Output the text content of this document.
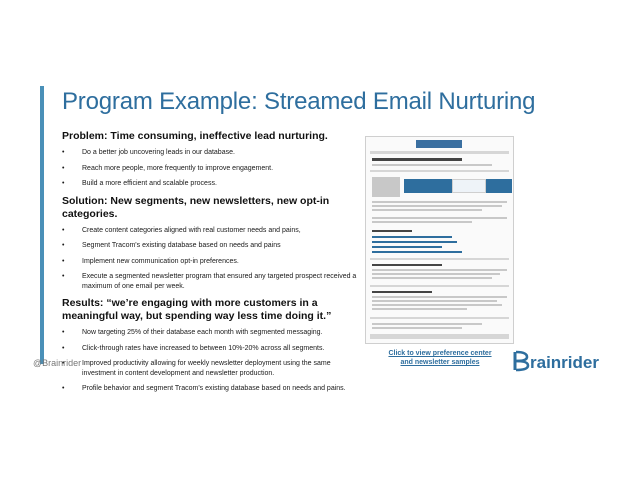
Program Example: Streamed Email Nurturing
Problem: Time consuming, ineffective lead nurturing.
• Do a better job uncovering leads in our database.
• Reach more people, more frequently to improve engagement.
• Build a more efficient and scalable process.
Solution: New segments, new newsletters, new opt-in categories.
• Create content categories aligned with real customer needs and pains,
• Segment Tracom's existing database based on needs and pains
• Implement new communication opt-in preferences.
• Execute a segmented newsletter program that ensured any targeted prospect received a maximum of one email per week.
Results: “we’re engaging with more customers in a meaningful way, but spending way less time doing it.”
• Now targeting 25% of their database each month with segmented messaging.
• Click-through rates have increased to between 10%-20% across all segments.
• Improved productivity allowing for weekly newsletter deployment using the same investment in content development and newsletter production.
• Profile behavior and segment Tracom's existing database based on needs and pains.
Click to view preference center and newsletter samples
@Brainrider	rainrider
